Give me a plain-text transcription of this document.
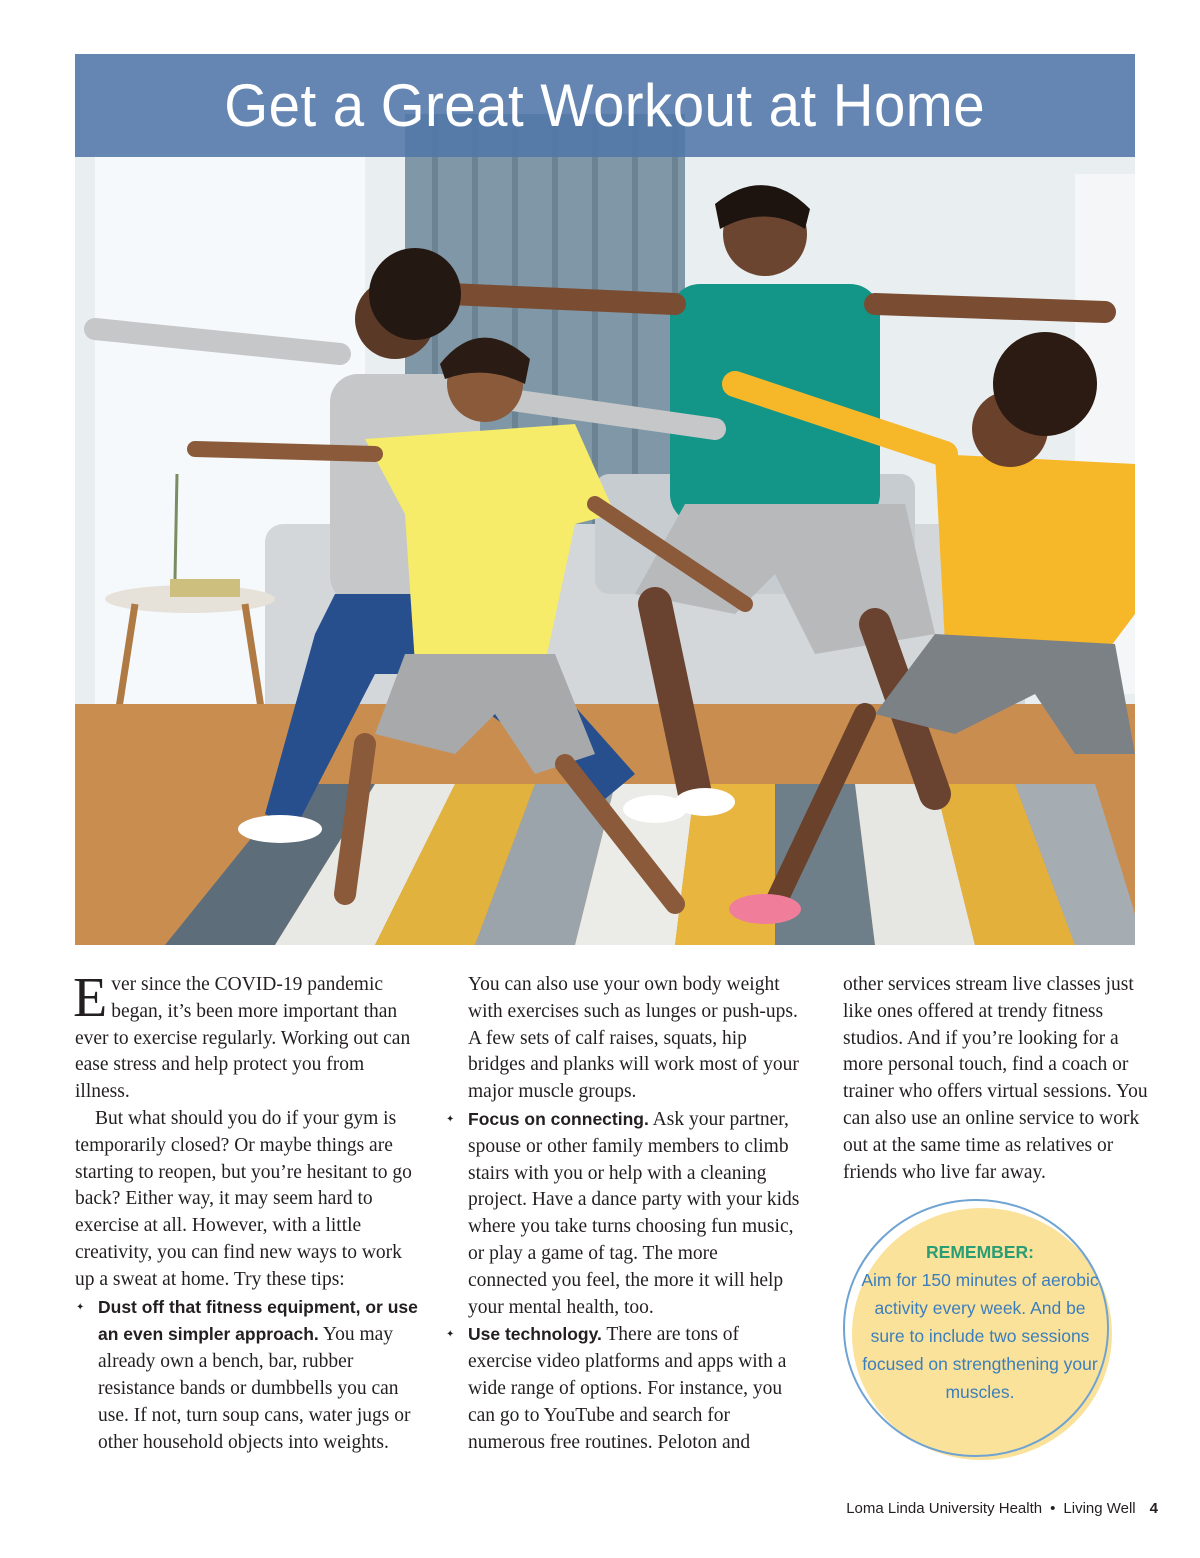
Get a Great Workout at Home

Ever since the COVID-19 pandemic began, it’s been more important than ever to exercise regularly. Working out can ease stress and help protect you from illness.

But what should you do if your gym is temporarily closed? Or maybe things are starting to reopen, but you’re hesitant to go back? Either way, it may seem hard to exercise at all. However, with a little creativity, you can find new ways to work up a sweat at home. Try these tips:

✦ Dust off that fitness equipment, or use an even simpler approach. You may already own a bench, bar, rubber resistance bands or dumbbells you can use. If not, turn soup cans, water jugs or other household objects into weights.
You can also use your own body weight with exercises such as lunges or push-ups. A few sets of calf raises, squats, hip bridges and planks will work most of your major muscle groups.
✦ Focus on connecting. Ask your partner, spouse or other family members to climb stairs with you or help with a cleaning project. Have a dance party with your kids where you take turns choosing fun music, or play a game of tag. The more connected you feel, the more it will help your mental health, too.
✦ Use technology. There are tons of exercise video platforms and apps with a wide range of options. For instance, you can go to YouTube and search for numerous free routines. Peloton and

other services stream live classes just like ones offered at trendy fitness studios. And if you’re looking for a more personal touch, find a coach or trainer who offers virtual sessions. You can also use an online service to work out at the same time as relatives or friends who live far away.

REMEMBER:
Aim for 150 minutes of aerobic activity every week. And be sure to include two sessions focused on strengthening your muscles.
Loma Linda University Health • Living Well 4
